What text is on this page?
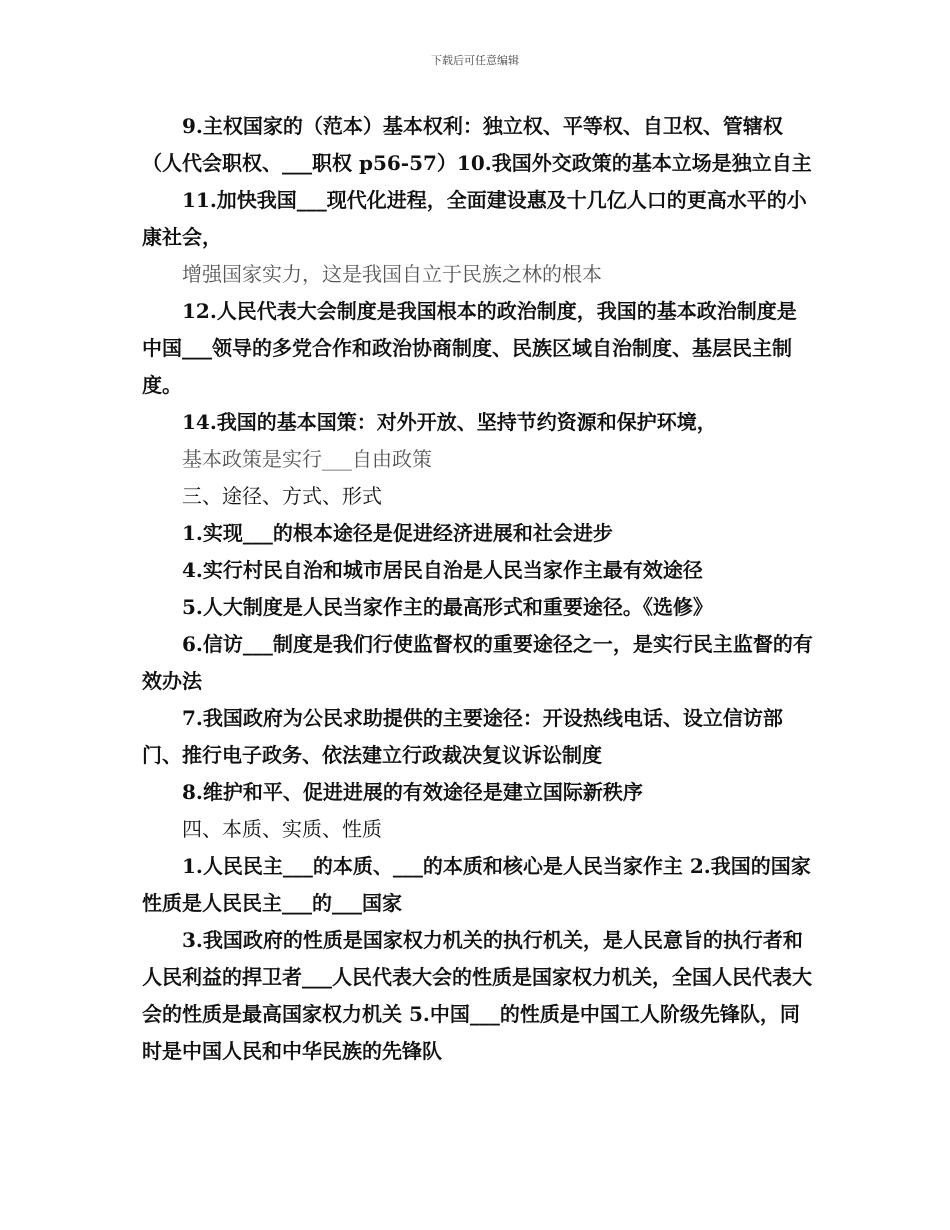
下载后可任意编辑

9.主权国家的（范本）基本权利：独立权、平等权、自卫权、管辖权（人代会职权、___职权 p56-57）10.我国外交政策的基本立场是独立自主

11.加快我国___现代化进程，全面建设惠及十几亿人口的更高水平的小康社会，

增强国家实力，这是我国自立于民族之林的根本

12.人民代表大会制度是我国根本的政治制度，我国的基本政治制度是中国___领导的多党合作和政治协商制度、民族区域自治制度、基层民主制度。

14.我国的基本国策：对外开放、坚持节约资源和保护环境，

基本政策是实行___自由政策

三、途径、方式、形式

1.实现___的根本途径是促进经济进展和社会进步

4.实行村民自治和城市居民自治是人民当家作主最有效途径

5.人大制度是人民当家作主的最高形式和重要途径。《选修》

6.信访___制度是我们行使监督权的重要途径之一，是实行民主监督的有效办法

7.我国政府为公民求助提供的主要途径：开设热线电话、设立信访部门、推行电子政务、依法建立行政裁决复议诉讼制度

8.维护和平、促进进展的有效途径是建立国际新秩序

四、本质、实质、性质

1.人民民主___的本质、___的本质和核心是人民当家作主 2.我国的国家性质是人民民主___的___国家

3.我国政府的性质是国家权力机关的执行机关，是人民意旨的执行者和人民利益的捍卫者___人民代表大会的性质是国家权力机关，全国人民代表大会的性质是最高国家权力机关 5.中国___的性质是中国工人阶级先锋队，同时是中国人民和中华民族的先锋队
